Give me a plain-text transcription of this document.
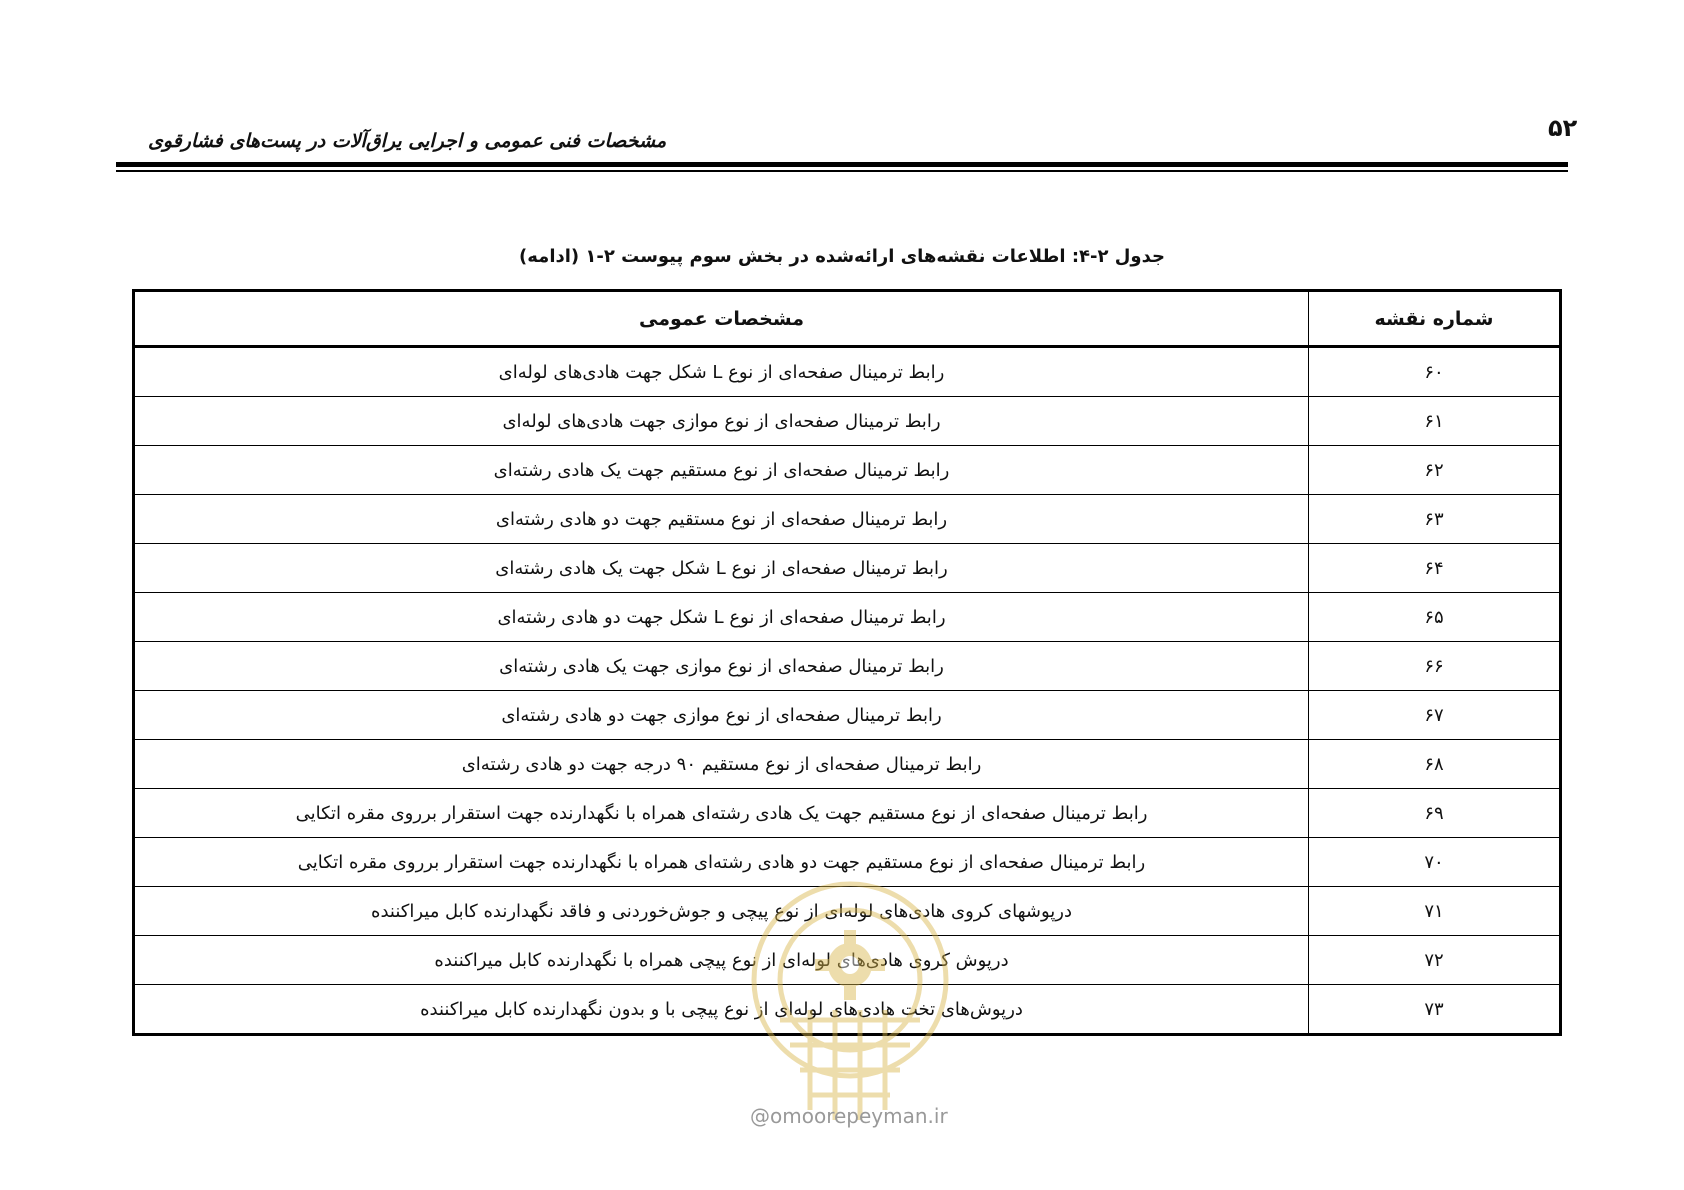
۵۲
مشخصات فنی عمومی و اجرایی یراق‌آلات در پست‌های فشارقوی
جدول ۲-۴: اطلاعات نقشه‌های ارائه‌شده در بخش سوم پیوست ۲-۱ (ادامه)
شماره نقشه	مشخصات عمومی
۶۰	رابط ترمینال صفحه‌ای از نوع L شکل جهت هادی‌های لوله‌ای
۶۱	رابط ترمینال صفحه‌ای از نوع موازی جهت هادی‌های لوله‌ای
۶۲	رابط ترمینال صفحه‌ای از نوع مستقیم جهت یک هادی رشته‌ای
۶۳	رابط ترمینال صفحه‌ای از نوع مستقیم جهت دو هادی رشته‌ای
۶۴	رابط ترمینال صفحه‌ای از نوع L شکل جهت یک هادی رشته‌ای
۶۵	رابط ترمینال صفحه‌ای از نوع L شکل جهت دو هادی رشته‌ای
۶۶	رابط ترمینال صفحه‌ای از نوع موازی جهت یک هادی رشته‌ای
۶۷	رابط ترمینال صفحه‌ای از نوع موازی جهت دو هادی رشته‌ای
۶۸	رابط ترمینال صفحه‌ای از نوع مستقیم ۹۰ درجه جهت دو هادی رشته‌ای
۶۹	رابط ترمینال صفحه‌ای از نوع مستقیم جهت یک هادی رشته‌ای همراه با نگهدارنده جهت استقرار برروی مقره اتکایی
۷۰	رابط ترمینال صفحه‌ای از نوع مستقیم جهت دو هادی رشته‌ای همراه با نگهدارنده جهت استقرار برروی مقره اتکایی
۷۱	درپوشهای کروی هادی‌های لوله‌ای از نوع پیچی و جوش‌خوردنی و فاقد نگهدارنده کابل میراکننده
۷۲	درپوش کروی هادی‌های لوله‌ای از نوع پیچی همراه با نگهدارنده کابل میراکننده
۷۳	درپوش‌های تخت هادی‌های لوله‌ای از نوع پیچی با و بدون نگهدارنده کابل میراکننده
@omoorepeyman.ir
